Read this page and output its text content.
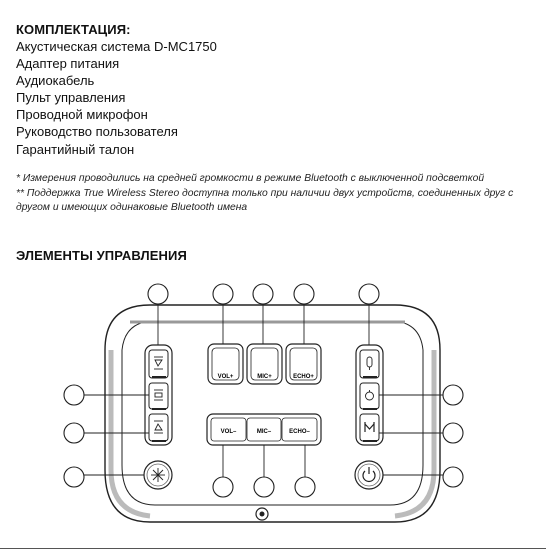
КОМПЛЕКТАЦИЯ:
Акустическая система D-MC1750
Адаптер питания
Аудиокабель
Пульт управления
Проводной микрофон
Руководство пользователя
Гарантийный талон

* Измерения проводились на средней громкости в режиме Bluetooth с выключенной подсветкой

** Поддержка True Wireless Stereo доступна только при наличии двух устройств, соединенных друг с другом и имеющих одинаковые Bluetooth имена

ЭЛЕМЕНТЫ УПРАВЛЕНИЯ
VOL+	MIC+	ECHO+
VOL–	MIC–	ECHO–
